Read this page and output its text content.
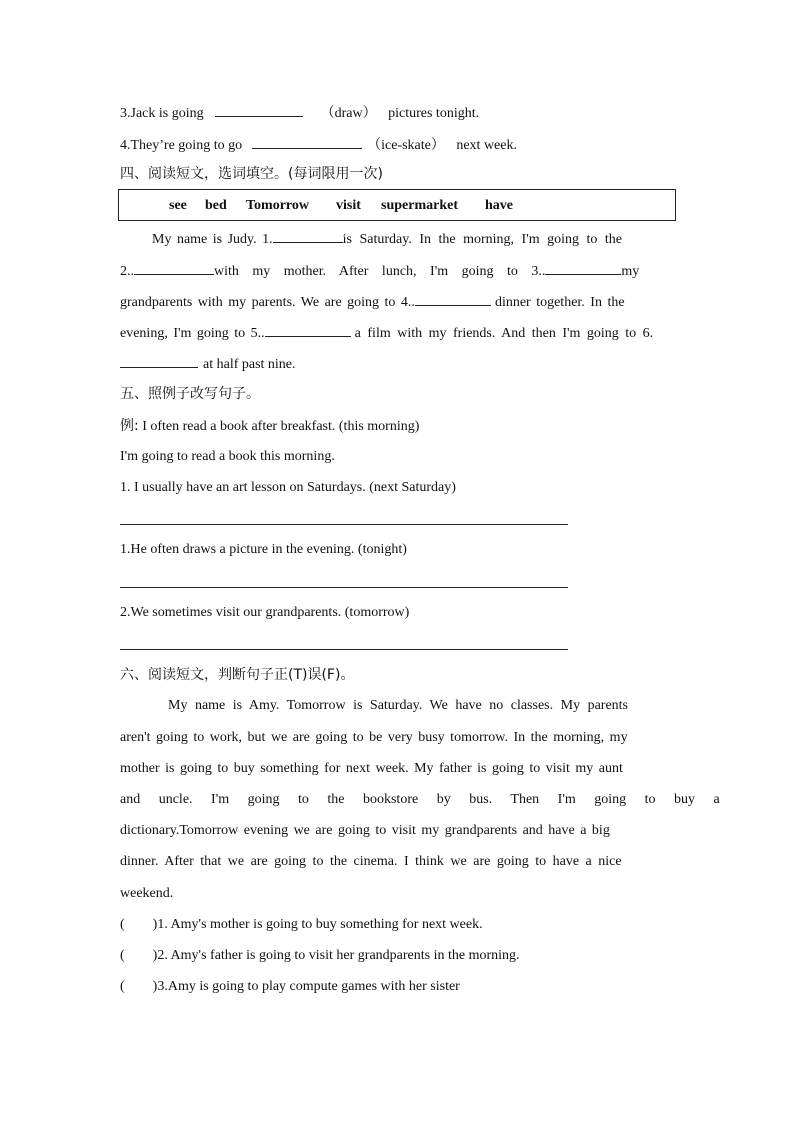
3.Jack is going	（draw） pictures tonight.
4.They’re going to go	（ice-skate） next week.
四、阅读短文，选词填空。(每词限用一次)
see bed Tomorrow visit supermarket have
My name is Judy. 1.	is Saturday. In the morning, I'm going to the
2..	with my mother. After lunch, I'm going to 3..	my
grandparents with my parents. We are going to 4..	dinner together. In the
evening, I'm going to 5..	a film with my friends. And then I'm going to 6.
at half past nine.
五、照例子改写句子。
例: I often read a book after breakfast. (this morning)
I'm going to read a book this morning.
1. I usually have an art lesson on Saturdays. (next Saturday)
1.He often draws a picture in the evening. (tonight)
2.We sometimes visit our grandparents. (tomorrow)
六、阅读短文，判断句子正(T)误(F)。
My name is Amy. Tomorrow is Saturday. We have no classes. My parents
aren't going to work, but we are going to be very busy tomorrow. In the morning, my
mother is going to buy something for next week. My father is going to visit my aunt
and uncle. I'm going to the bookstore by bus. Then I'm going to buy a
dictionary.Tomorrow evening we are going to visit my grandparents and have a big
dinner. After that we are going to the cinema. I think we are going to have a nice
weekend.
(        )1. Amy's mother is going to buy something for next week.
(        )2. Amy's father is going to visit her grandparents in the morning.
(        )3.Amy is going to play compute games with her sister
